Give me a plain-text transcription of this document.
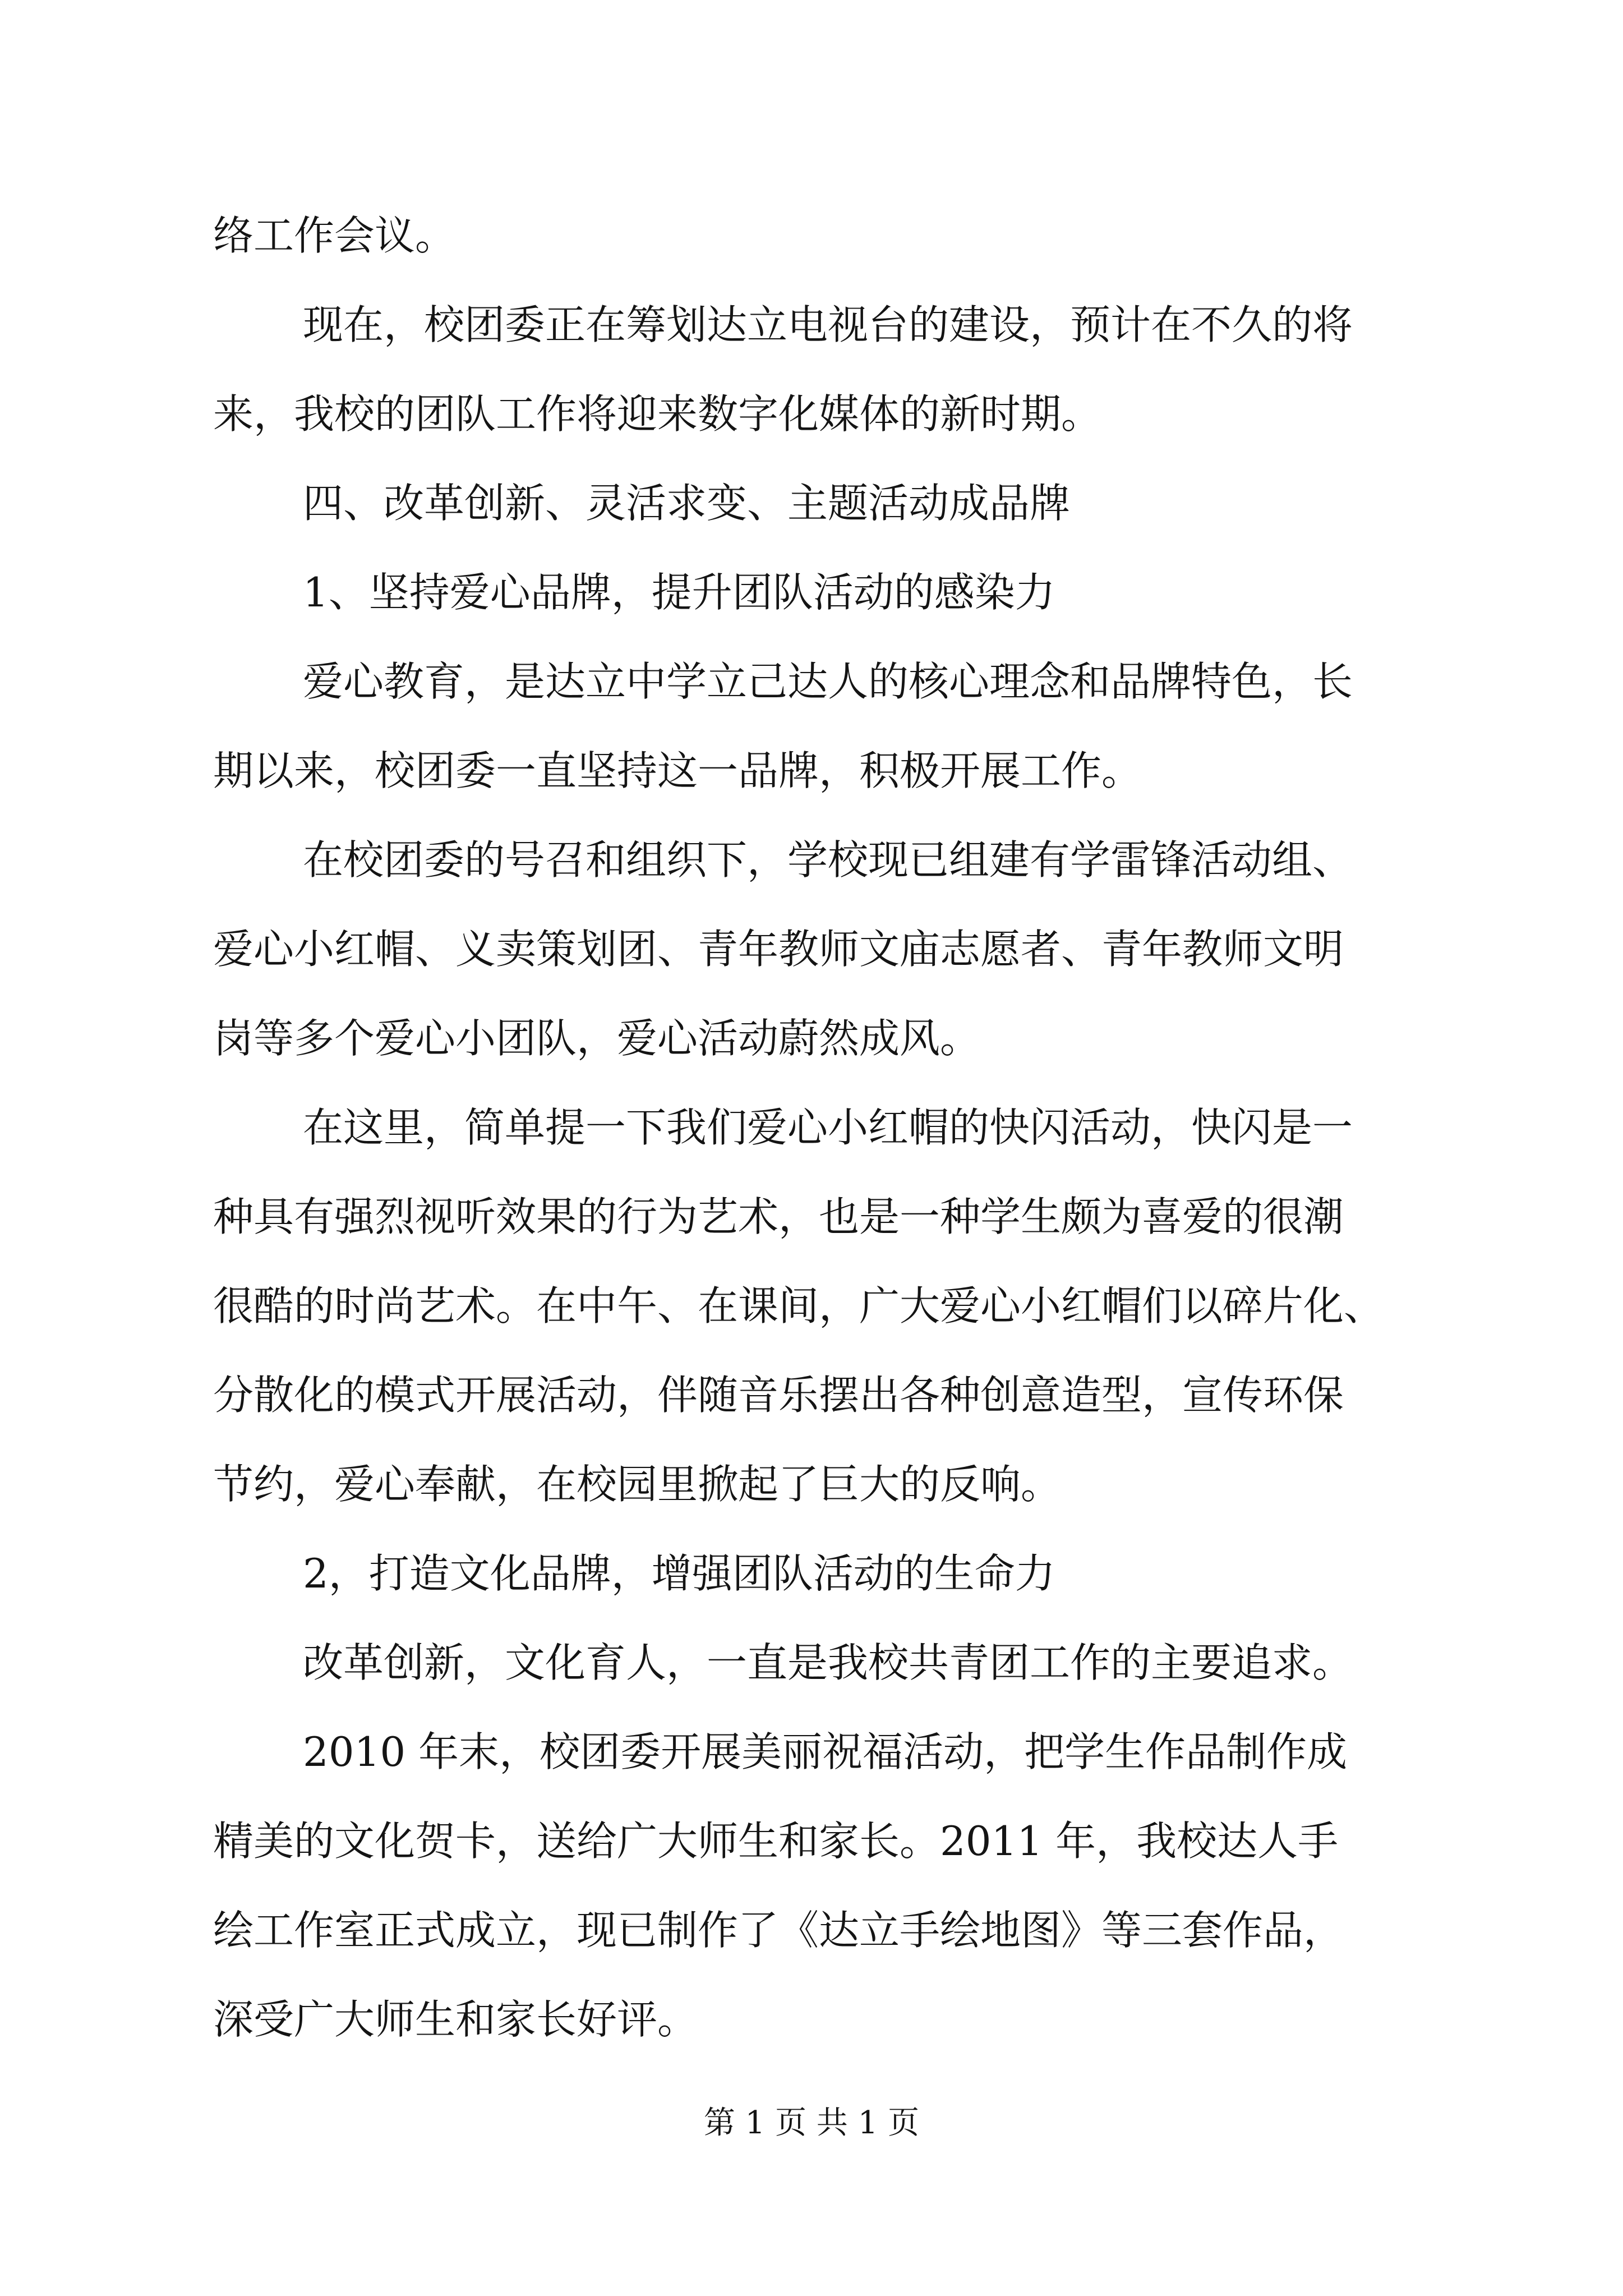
络工作会议。
现在，校团委正在筹划达立电视台的建设，预计在不久的将
来，我校的团队工作将迎来数字化媒体的新时期。
四、改革创新、灵活求变、主题活动成品牌
1、坚持爱心品牌，提升团队活动的感染力
爱心教育，是达立中学立己达人的核心理念和品牌特色，长
期以来，校团委一直坚持这一品牌，积极开展工作。
在校团委的号召和组织下，学校现已组建有学雷锋活动组、
爱心小红帽、义卖策划团、青年教师文庙志愿者、青年教师文明
岗等多个爱心小团队，爱心活动蔚然成风。
在这里，简单提一下我们爱心小红帽的快闪活动，快闪是一
种具有强烈视听效果的行为艺术，也是一种学生颇为喜爱的很潮
很酷的时尚艺术。在中午、在课间，广大爱心小红帽们以碎片化、
分散化的模式开展活动，伴随音乐摆出各种创意造型，宣传环保
节约，爱心奉献，在校园里掀起了巨大的反响。
2，打造文化品牌，增强团队活动的生命力
改革创新，文化育人，一直是我校共青团工作的主要追求。
2010 年末，校团委开展美丽祝福活动，把学生作品制作成
精美的文化贺卡，送给广大师生和家长。2011 年，我校达人手
绘工作室正式成立，现已制作了《达立手绘地图》等三套作品，
深受广大师生和家长好评。
第 1 页 共 1 页
